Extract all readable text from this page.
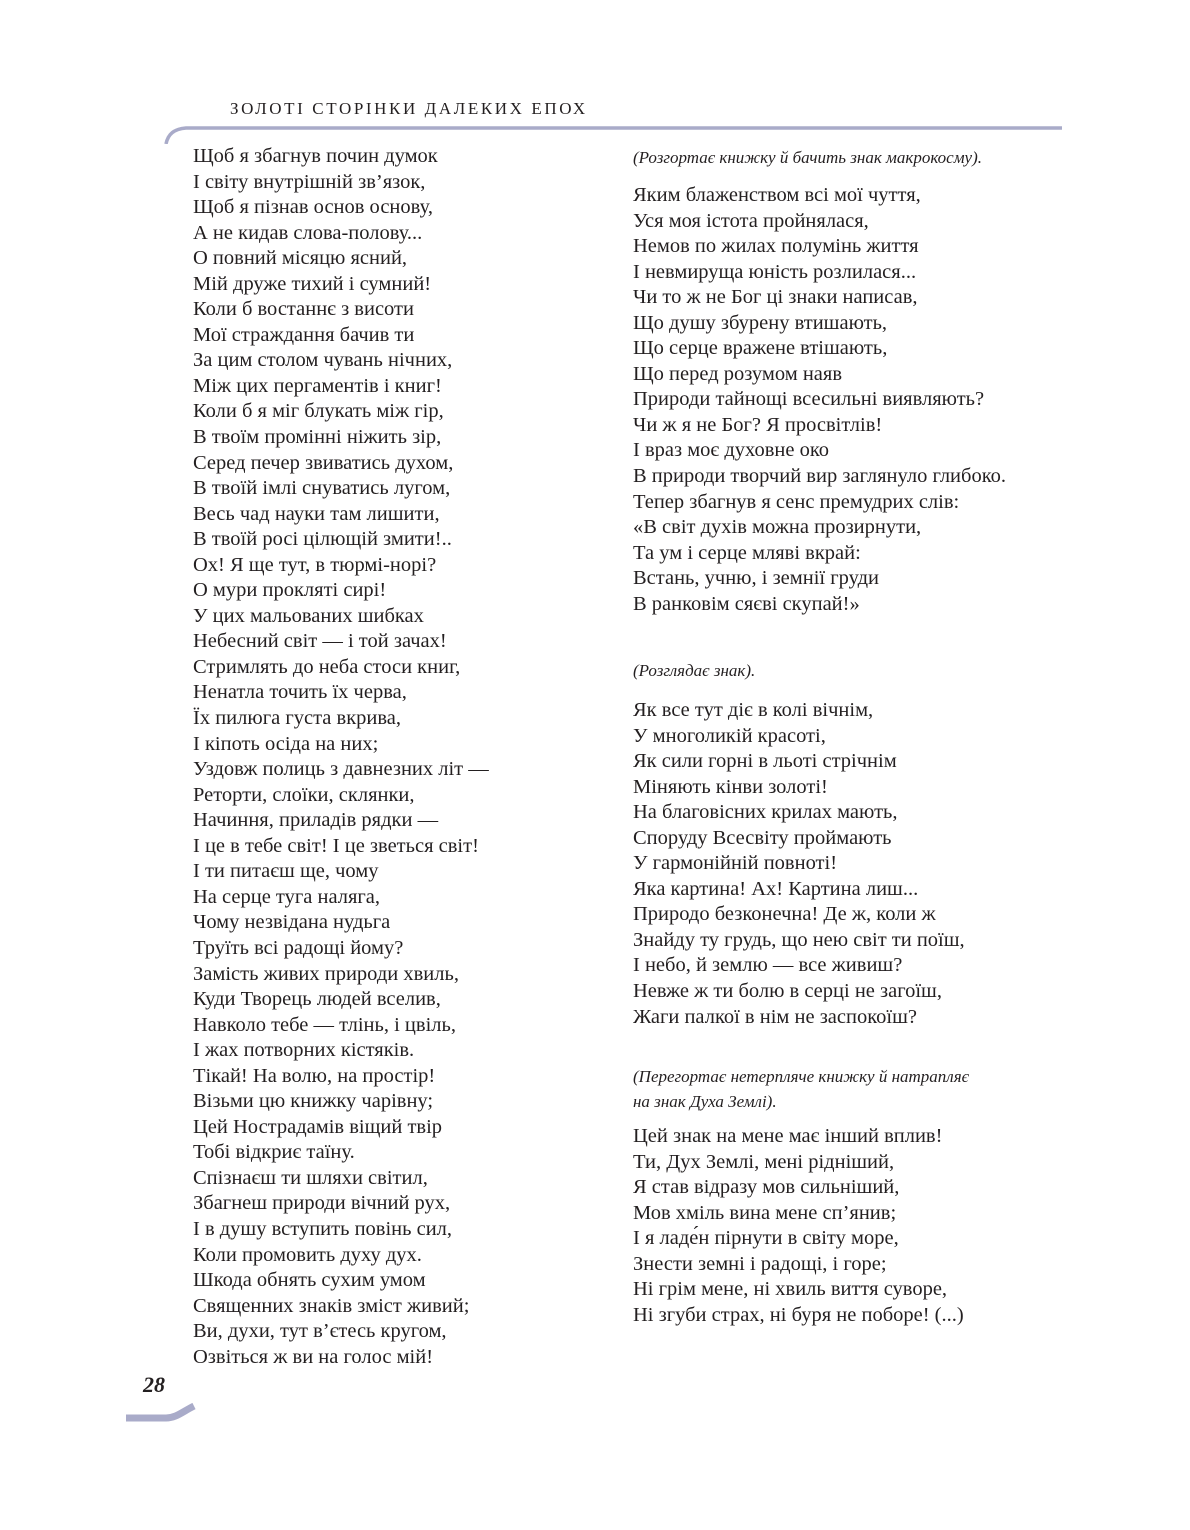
ЗОЛОТІ СТОРІНКИ ДАЛЕКИХ ЕПОХ
Щоб я збагнув почин думок
І світу внутрішній зв’язок,
Щоб я пізнав основ основу,
А не кидав слова-полову...
О повний місяцю ясний,
Мій друже тихий і сумний!
Коли б востаннє з висоти
Мої страждання бачив ти
За цим столом чувань нічних,
Між цих пергаментів і книг!
Коли б я міг блукать між гір,
В твоїм промінні ніжить зір,
Серед печер звиватись духом,
В твоїй імлі снуватись лугом,
Весь чад науки там лишити,
В твоїй росі цілющій змити!..
Ох! Я ще тут, в тюрмі-норі?
О мури прокляті сирі!
У цих мальованих шибках
Небесний світ — і той зачах!
Стримлять до неба стоси книг,
Ненатла точить їх черва,
Їх пилюга густа вкрива,
І кіпоть осіда на них;
Уздовж полиць з давнезних літ —
Реторти, слоїки, склянки,
Начиння, приладів рядки —
І це в тебе світ! І це зветься світ!
І ти питаєш ще, чому
На серце туга наляга,
Чому незвідана нудьга
Труїть всі радощі йому?
Замість живих природи хвиль,
Куди Творець людей вселив,
Навколо тебе — тлінь, і цвіль,
І жах потворних кістяків.
Тікай! На волю, на простір!
Візьми цю книжку чарівну;
Цей Нострадамів віщий твір
Тобі відкриє таїну.
Спізнаєш ти шляхи світил,
Збагнеш природи вічний рух,
І в душу вступить повінь сил,
Коли промовить духу дух.
Шкода обнять сухим умом
Священних знаків зміст живий;
Ви, духи, тут в’єтесь кругом,
Озвіться ж ви на голос мій!
(Розгортає книжку й бачить знак макрокосму).
Яким блаженством всі мої чуття,
Уся моя істота пройнялася,
Немов по жилах полумінь життя
І невмируща юність розлилася...
Чи то ж не Бог ці знаки написав,
Що душу збурену втишають,
Що серце вражене втішають,
Що перед розумом наяв
Природи тайнощі всесильні виявляють?
Чи ж я не Бог? Я просвітлів!
І враз моє духовне око
В природи творчий вир заглянуло глибоко.
Тепер збагнув я сенс премудрих слів:
«В світ духів можна прозирнути,
Та ум і серце мляві вкрай:
Встань, учню, і земнії груди
В ранковім сяєві скупай!»
(Розглядає знак).
Як все тут діє в колі вічнім,
У многоликій красоті,
Як сили горні в льоті стрічнім
Міняють кінви золоті!
На благовісних крилах мають,
Споруду Всесвіту проймають
У гармонійній повноті!
Яка картина! Ах! Картина лиш...
Природо безконечна! Де ж, коли ж
Знайду ту грудь, що нею світ ти поїш,
І небо, й землю — все живиш?
Невже ж ти болю в серці не загоїш,
Жаги палкої в нім не заспокоїш?
(Перегортає нетерпляче книжку й натрапляє
на знак Духа Землі).
Цей знак на мене має інший вплив!
Ти, Дух Землі, мені рідніший,
Я став відразу мов сильніший,
Мов хміль вина мене сп’янив;
І я ладе́н пірнути в світу море,
Знести земні і радощі, і горе;
Ні грім мене, ні хвиль виття суворе,
Ні згуби страх, ні буря не поборе! (...)
28
